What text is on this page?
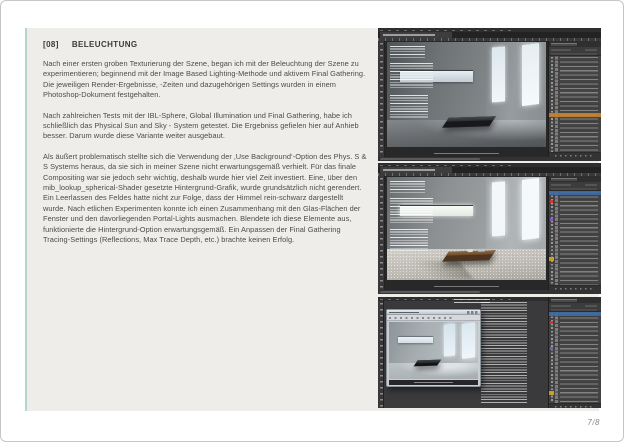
[08] BELEUCHTUNG

Nach einer ersten groben Texturierung der Szene, began ich mit der Beleuchtung der Szene zu experimentieren; beginnend mit der Image Based Lighting-Methode und aktivem Final Gathering. Die jeweiligen Render-Ergebnisse, -Zeiten und dazugehörigen Settings wurden in einem Photoshop-Dokument festgehalten.

Nach zahlreichen Tests mit der IBL-Sphere, Global Illumination und Final Gathering, habe ich schließlich das Physical Sun and Sky - System getestet. Die Ergebniss gefielen hier auf Anhieb besser. Darum wurde diese Variante weiter ausgebaut.

Als äußert problematisch stellte sich die Verwendung der ‚Use Background‘-Option des Phys. S & S Systems heraus, da sie sich in meiner Szene nicht erwartungsgemäß verhielt. Für das finale Compositing war sie jedoch sehr wichtig, deshalb wurde hier viel Zeit investiert. Eine, über den mib_lookup_spherical-Shader gesetzte Hintergrund-Grafik, wurde grundsätzlich nicht gerendert. Ein Leerlassen des Feldes hatte nicht zur Folge, dass der Himmel rein-schwarz dargestellt wurde. Nach etlichen Experimenten konnte ich einen Zusammenhang mit den Glas-Flächen der Fenster und den davorliegenden Portal-Lights ausmachen. Blendete ich diese Elemente aus, funktionierte die Hintergrund-Option erwartungsgemäß. Ein Anpassen der Final Gathering Tracing-Settings (Reflections, Max Trace Depth, etc.) brachte keinen Erfolg.

7/8
